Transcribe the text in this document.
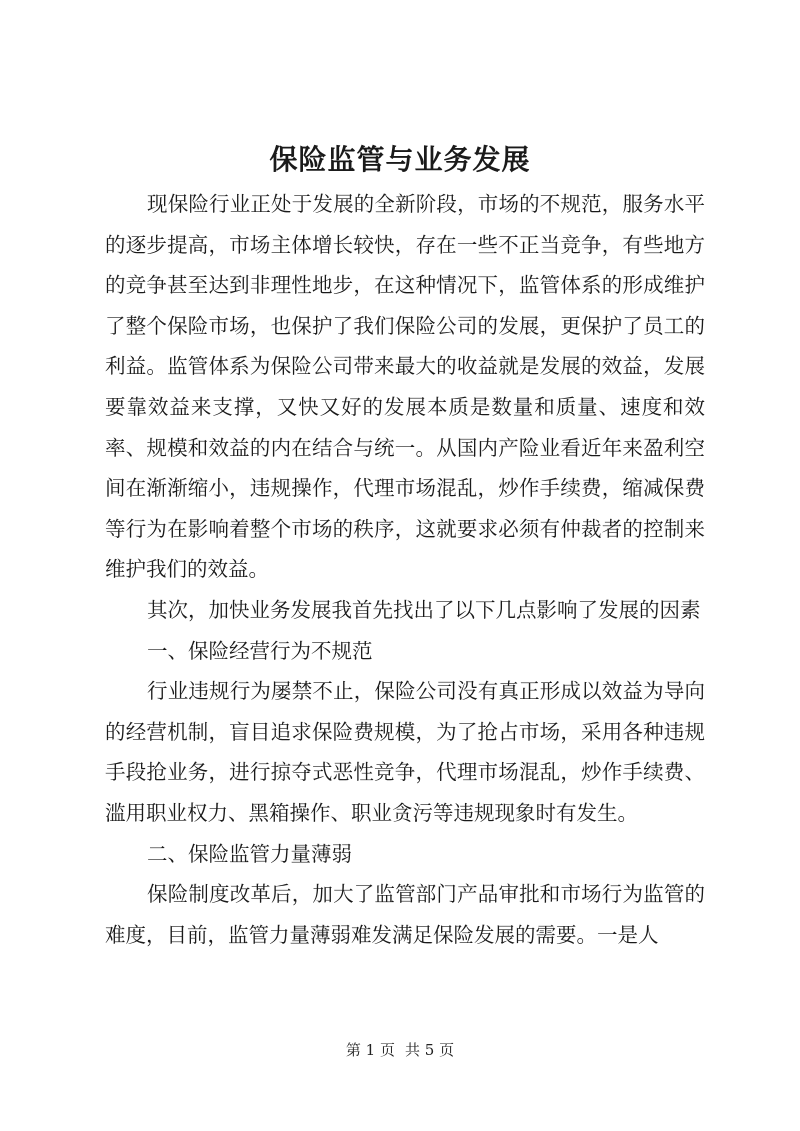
保险监管与业务发展

现保险行业正处于发展的全新阶段，市场的不规范，服务水平的逐步提高，市场主体增长较快，存在一些不正当竞争，有些地方的竞争甚至达到非理性地步，在这种情况下，监管体系的形成维护了整个保险市场，也保护了我们保险公司的发展，更保护了员工的利益。监管体系为保险公司带来最大的收益就是发展的效益，发展要靠效益来支撑，又快又好的发展本质是数量和质量、速度和效率、规模和效益的内在结合与统一。从国内产险业看近年来盈利空间在渐渐缩小，违规操作，代理市场混乱，炒作手续费，缩减保费等行为在影响着整个市场的秩序，这就要求必须有仲裁者的控制来维护我们的效益。

其次，加快业务发展我首先找出了以下几点影响了发展的因素

一、保险经营行为不规范

行业违规行为屡禁不止，保险公司没有真正形成以效益为导向的经营机制，盲目追求保险费规模，为了抢占市场，采用各种违规手段抢业务，进行掠夺式恶性竞争，代理市场混乱，炒作手续费、滥用职业权力、黑箱操作、职业贪污等违规现象时有发生。

二、保险监管力量薄弱

保险制度改革后，加大了监管部门产品审批和市场行为监管的难度，目前，监管力量薄弱难发满足保险发展的需要。一是人

第 1 页 共 5 页
